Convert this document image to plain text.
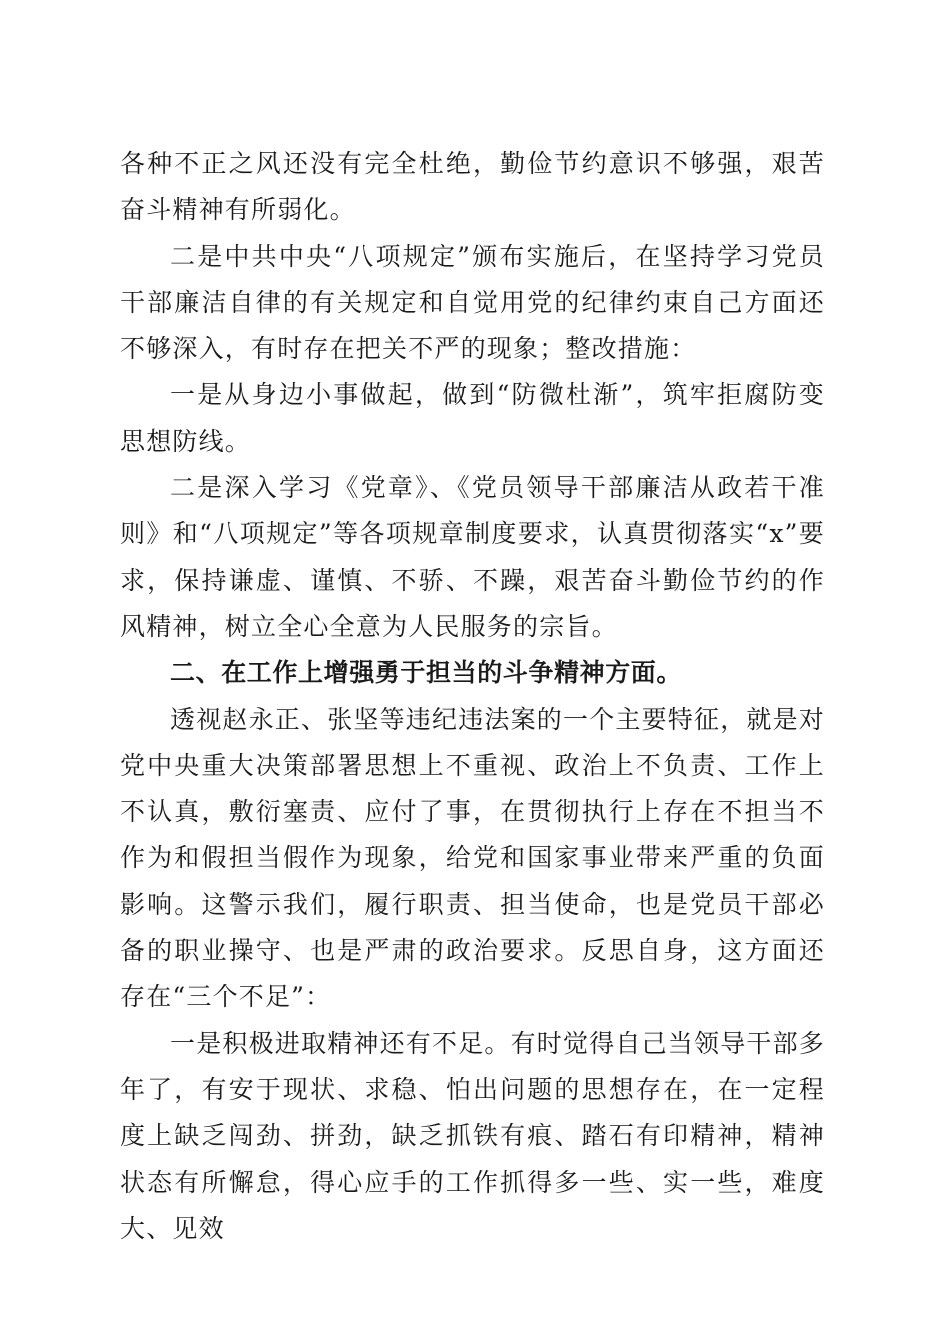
各种不正之风还没有完全杜绝，勤俭节约意识不够强，艰苦奋斗精神有所弱化。

二是中共中央“八项规定”颁布实施后，在坚持学习党员干部廉洁自律的有关规定和自觉用党的纪律约束自己方面还不够深入，有时存在把关不严的现象；整改措施：

一是从身边小事做起，做到“防微杜渐”，筑牢拒腐防变思想防线。

二是深入学习《党章》、《党员领导干部廉洁从政若干准则》和“八项规定”等各项规章制度要求，认真贯彻落实“x”要求，保持谦虚、谨慎、不骄、不躁，艰苦奋斗勤俭节约的作风精神，树立全心全意为人民服务的宗旨。

二、在工作上增强勇于担当的斗争精神方面。

透视赵永正、张坚等违纪违法案的一个主要特征，就是对党中央重大决策部署思想上不重视、政治上不负责、工作上不认真，敷衍塞责、应付了事，在贯彻执行上存在不担当不作为和假担当假作为现象，给党和国家事业带来严重的负面影响。这警示我们，履行职责、担当使命，也是党员干部必备的职业操守、也是严肃的政治要求。反思自身，这方面还存在“三个不足”：

一是积极进取精神还有不足。有时觉得自己当领导干部多年了，有安于现状、求稳、怕出问题的思想存在，在一定程度上缺乏闯劲、拼劲，缺乏抓铁有痕、踏石有印精神，精神状态有所懈怠，得心应手的工作抓得多一些、实一些，难度大、见效
